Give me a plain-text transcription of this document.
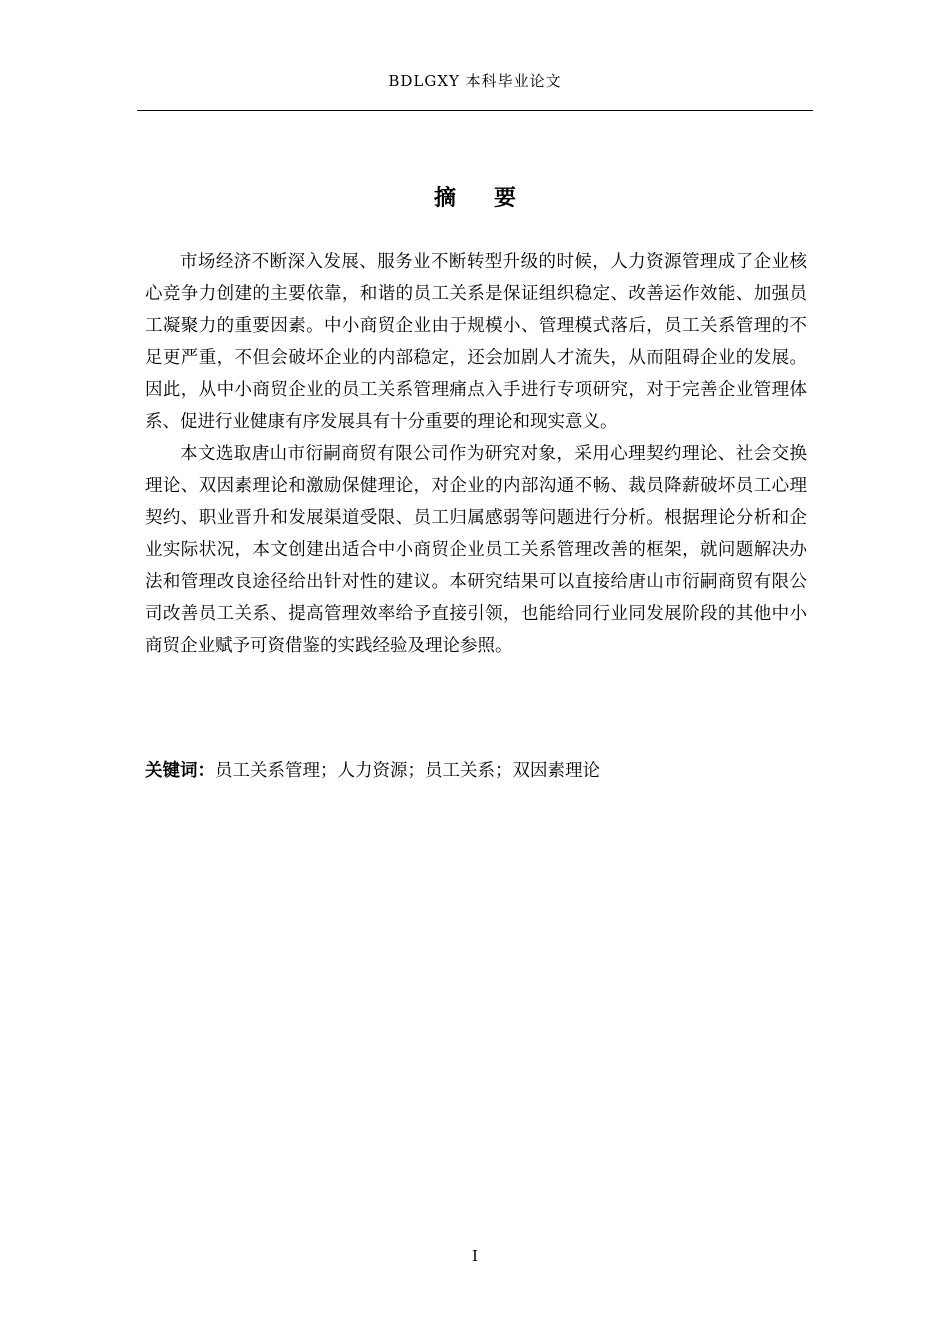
BDLGXY 本科毕业论文
摘要

市场经济不断深入发展、服务业不断转型升级的时候，人力资源管理成了企业核心竞争力创建的主要依靠，和谐的员工关系是保证组织稳定、改善运作效能、加强员工凝聚力的重要因素。中小商贸企业由于规模小、管理模式落后，员工关系管理的不足更严重，不但会破坏企业的内部稳定，还会加剧人才流失，从而阻碍企业的发展。因此，从中小商贸企业的员工关系管理痛点入手进行专项研究，对于完善企业管理体系、促进行业健康有序发展具有十分重要的理论和现实意义。

本文选取唐山市衍嗣商贸有限公司作为研究对象，采用心理契约理论、社会交换理论、双因素理论和激励保健理论，对企业的内部沟通不畅、裁员降薪破坏员工心理契约、职业晋升和发展渠道受限、员工归属感弱等问题进行分析。根据理论分析和企业实际状况，本文创建出适合中小商贸企业员工关系管理改善的框架，就问题解决办法和管理改良途径给出针对性的建议。本研究结果可以直接给唐山市衍嗣商贸有限公司改善员工关系、提高管理效率给予直接引领，也能给同行业同发展阶段的其他中小商贸企业赋予可资借鉴的实践经验及理论参照。

关键词：员工关系管理；人力资源；员工关系；双因素理论
I
